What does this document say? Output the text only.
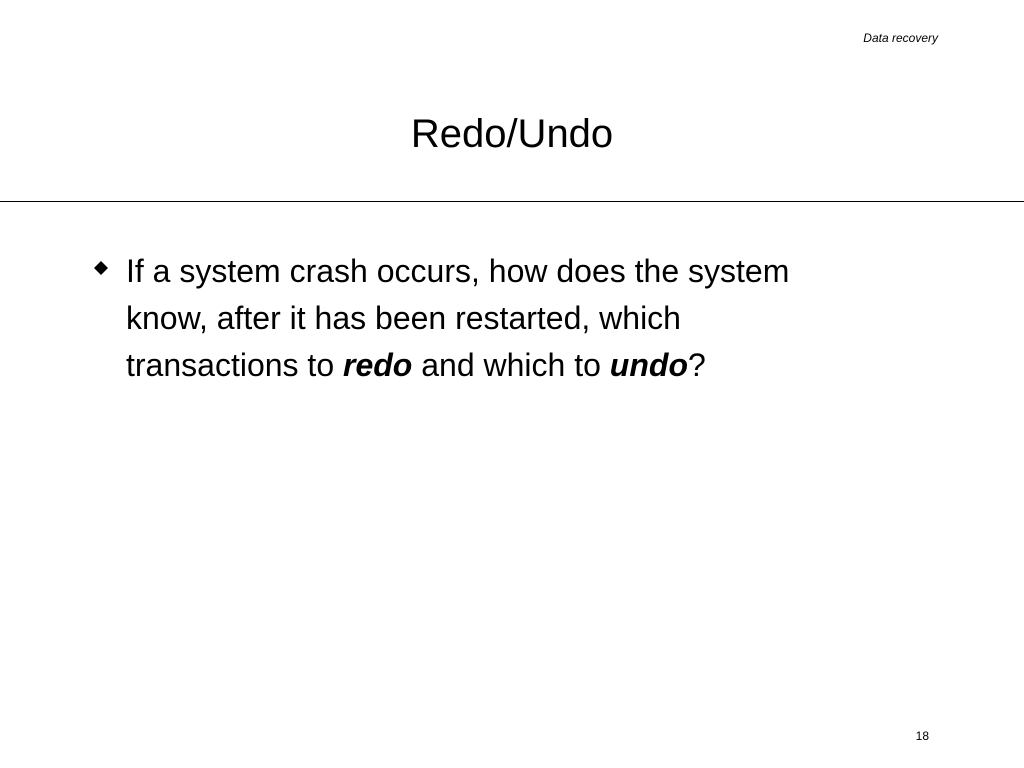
Data recovery
Redo/Undo
If a system crash occurs, how does the system know, after it has been restarted, which transactions to redo and which to undo?
18
